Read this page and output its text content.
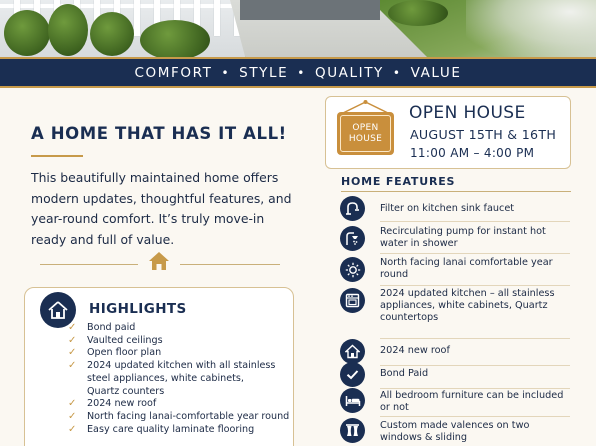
COMFORT • STYLE • QUALITY • VALUE
A HOME THAT HAS IT ALL!

This beautifully maintained home offers modern updates, thoughtful features, and year-round comfort. It’s truly move-in ready and full of value.

HIGHLIGHTS
✓ Bond paid
✓ Vaulted ceilings
✓ Open floor plan
✓ 2024 updated kitchen with all stainless
steel appliances, white cabinets,
Quartz counters
✓ 2024 new roof
✓ North facing lanai-comfortable year round
✓ Easy care quality laminate flooring
OPEN
HOUSE
OPEN HOUSE
AUGUST 15TH & 16TH
11:00 AM – 4:00 PM
HOME FEATURES
Filter on kitchen sink faucet
Recirculating pump for instant hot water in shower
North facing lanai comfortable year round
2024 updated kitchen – all stainless appliances, white cabinets, Quartz countertops
2024 new roof
Bond Paid
All bedroom furniture can be included or not
Custom made valences on two windows & sliding
